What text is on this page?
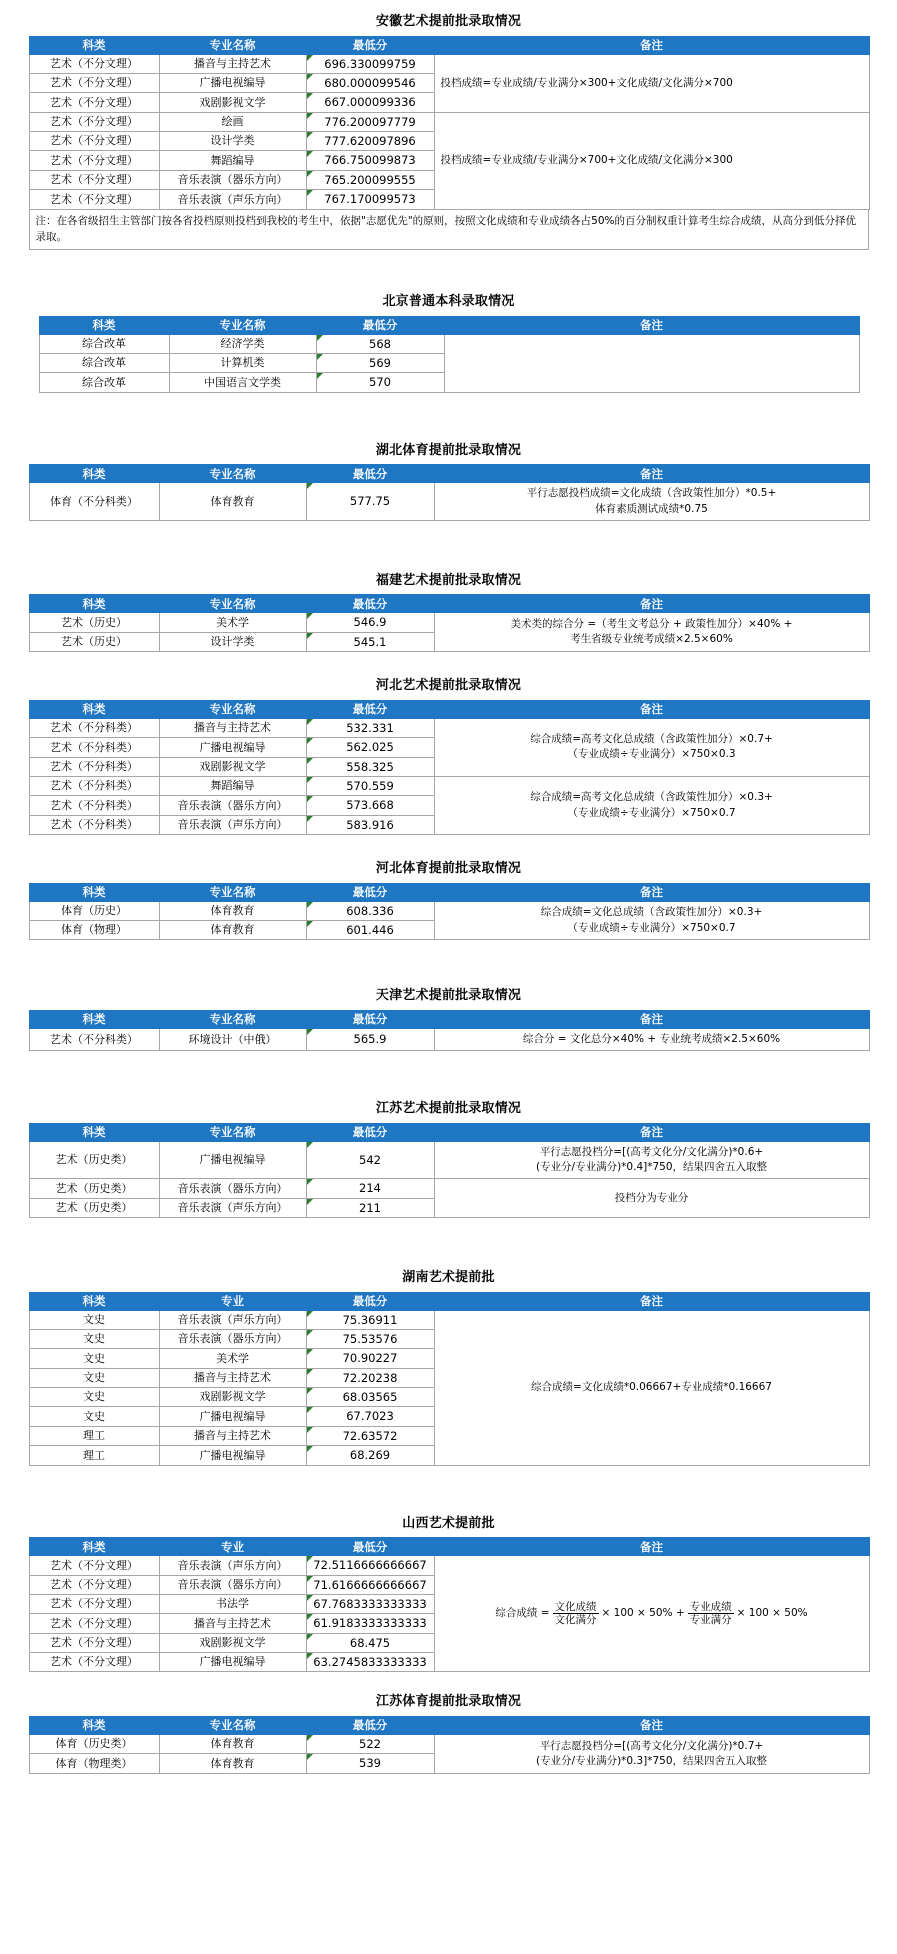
安徽艺术提前批录取情况
科类	专业名称	最低分	备注
艺术（不分文理）	播音与主持艺术	696.330099759	投档成绩=专业成绩/专业满分×300+文化成绩/文化满分×700

艺术（不分文理）	广播电视编导	680.000099546	
艺术（不分文理）	戏剧影视文学	667.000099336	
艺术（不分文理）	绘画	776.200097779	投档成绩=专业成绩/专业满分×700+文化成绩/文化满分×300

艺术（不分文理）	设计学类	777.620097896	
艺术（不分文理）	舞蹈编导	766.750099873	
艺术（不分文理）	音乐表演（器乐方向）	765.200099555	
艺术（不分文理）	音乐表演（声乐方向）	767.170099573	
注：在各省级招生主管部门按各省投档原则投档到我校的考生中，依据"志愿优先"的原则，按照文化成绩和专业成绩各占50%的百分制权重计算考生综合成绩，从高分到低分择优录取。
北京普通本科录取情况
科类	专业名称	最低分	备注
综合改革	经济学类	568	

综合改革	计算机类	569	
综合改革	中国语言文学类	570	
湖北体育提前批录取情况
科类	专业名称	最低分	备注
体育（不分科类）	体育教育	577.75	平行志愿投档成绩=文化成绩（含政策性加分）*0.5+
体育素质测试成绩*0.75
福建艺术提前批录取情况
科类	专业名称	最低分	备注
艺术（历史）	美术学	546.9	美术类的综合分 =（考生文考总分 + 政策性加分）×40% +
考生省级专业统考成绩×2.5×60%

艺术（历史）	设计学类	545.1	
河北艺术提前批录取情况
科类	专业名称	最低分	备注
艺术（不分科类）	播音与主持艺术	532.331	综合成绩=高考文化总成绩（含政策性加分）×0.7+
（专业成绩÷专业满分）×750×0.3

艺术（不分科类）	广播电视编导	562.025	
艺术（不分科类）	戏剧影视文学	558.325	
艺术（不分科类）	舞蹈编导	570.559	综合成绩=高考文化总成绩（含政策性加分）×0.3+
（专业成绩÷专业满分）×750×0.7

艺术（不分科类）	音乐表演（器乐方向）	573.668	
艺术（不分科类）	音乐表演（声乐方向）	583.916	
河北体育提前批录取情况
科类	专业名称	最低分	备注
体育（历史）	体育教育	608.336	综合成绩=文化总成绩（含政策性加分）×0.3+
（专业成绩÷专业满分）×750×0.7

体育（物理）	体育教育	601.446	
天津艺术提前批录取情况
科类	专业名称	最低分	备注
艺术（不分科类）	环境设计（中俄）	565.9	综合分 = 文化总分×40% + 专业统考成绩×2.5×60%
江苏艺术提前批录取情况
科类	专业名称	最低分	备注
艺术（历史类）	广播电视编导	542	平行志愿投档分=[(高考文化分/文化满分)*0.6+
(专业分/专业满分)*0.4]*750，结果四舍五入取整

艺术（历史类）	音乐表演（器乐方向）	214	投档分为专业分

艺术（历史类）	音乐表演（声乐方向）	211	
湖南艺术提前批
科类	专业	最低分	备注
文史	音乐表演（声乐方向）	75.36911	综合成绩=文化成绩*0.06667+专业成绩*0.16667

文史	音乐表演（器乐方向）	75.53576	
文史	美术学	70.90227	
文史	播音与主持艺术	72.20238	
文史	戏剧影视文学	68.03565	
文史	广播电视编导	67.7023	
理工	播音与主持艺术	72.63572	
理工	广播电视编导	68.269	
山西艺术提前批
科类	专业	最低分	备注
艺术（不分文理）	音乐表演（声乐方向）	72.5116666666667	
综合成绩 = $\frac{\text{文化成绩}}{\text{文化满分}} \times 100 \times 50\% + \frac{\text{专业成绩}}{\text{专业满分}} \times 100 \times 50\%$

艺术（不分文理）	音乐表演（器乐方向）	71.6166666666667	
艺术（不分文理）	书法学	67.7683333333333	
艺术（不分文理）	播音与主持艺术	61.9183333333333	
艺术（不分文理）	戏剧影视文学	68.475	
艺术（不分文理）	广播电视编导	63.2745833333333	
江苏体育提前批录取情况
科类	专业名称	最低分	备注
体育（历史类）	体育教育	522	平行志愿投档分=[(高考文化分/文化满分)*0.7+
(专业分/专业满分)*0.3]*750，结果四舍五入取整

体育（物理类）	体育教育	539	
